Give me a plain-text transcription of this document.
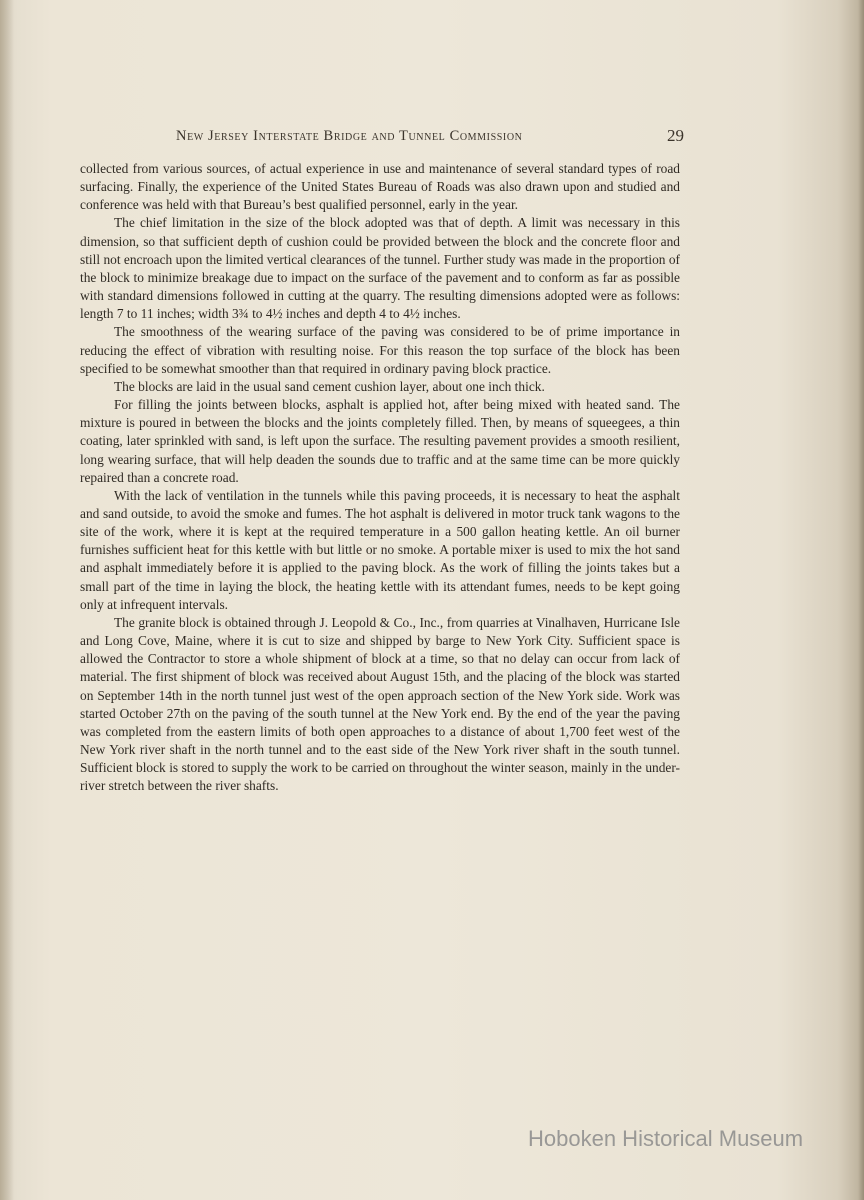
New Jersey Interstate Bridge and Tunnel Commission	29

collected from various sources, of actual experience in use and maintenance of several standard types of road surfacing. Finally, the experience of the United States Bureau of Roads was also drawn upon and studied and conference was held with that Bureau’s best qualified personnel, early in the year.

The chief limitation in the size of the block adopted was that of depth. A limit was necessary in this dimension, so that sufficient depth of cushion could be provided between the block and the concrete floor and still not encroach upon the limited vertical clearances of the tunnel. Further study was made in the proportion of the block to minimize breakage due to impact on the surface of the pavement and to conform as far as possible with standard dimensions followed in cutting at the quarry. The resulting dimensions adopted were as follows: length 7 to 11 inches; width 3¾ to 4½ inches and depth 4 to 4½ inches.

The smoothness of the wearing surface of the paving was considered to be of prime importance in reducing the effect of vibration with resulting noise. For this reason the top surface of the block has been specified to be somewhat smoother than that required in ordinary paving block practice.

The blocks are laid in the usual sand cement cushion layer, about one inch thick.

For filling the joints between blocks, asphalt is applied hot, after being mixed with heated sand. The mixture is poured in between the blocks and the joints completely filled. Then, by means of squeegees, a thin coating, later sprinkled with sand, is left upon the surface. The resulting pavement provides a smooth resilient, long wearing surface, that will help deaden the sounds due to traffic and at the same time can be more quickly repaired than a concrete road.

With the lack of ventilation in the tunnels while this paving proceeds, it is necessary to heat the asphalt and sand outside, to avoid the smoke and fumes. The hot asphalt is delivered in motor truck tank wagons to the site of the work, where it is kept at the required temperature in a 500 gallon heating kettle. An oil burner furnishes sufficient heat for this kettle with but little or no smoke. A portable mixer is used to mix the hot sand and asphalt immediately before it is applied to the paving block. As the work of filling the joints takes but a small part of the time in laying the block, the heating kettle with its attendant fumes, needs to be kept going only at infrequent intervals.

The granite block is obtained through J. Leopold & Co., Inc., from quarries at Vinalhaven, Hurricane Isle and Long Cove, Maine, where it is cut to size and shipped by barge to New York City. Sufficient space is allowed the Contractor to store a whole shipment of block at a time, so that no delay can occur from lack of material. The first shipment of block was received about August 15th, and the placing of the block was started on September 14th in the north tunnel just west of the open approach section of the New York side. Work was started October 27th on the paving of the south tunnel at the New York end. By the end of the year the paving was completed from the eastern limits of both open approaches to a distance of about 1,700 feet west of the New York river shaft in the north tunnel and to the east side of the New York river shaft in the south tunnel. Sufficient block is stored to supply the work to be carried on throughout the winter season, mainly in the under-river stretch between the river shafts.

Hoboken Historical Museum
